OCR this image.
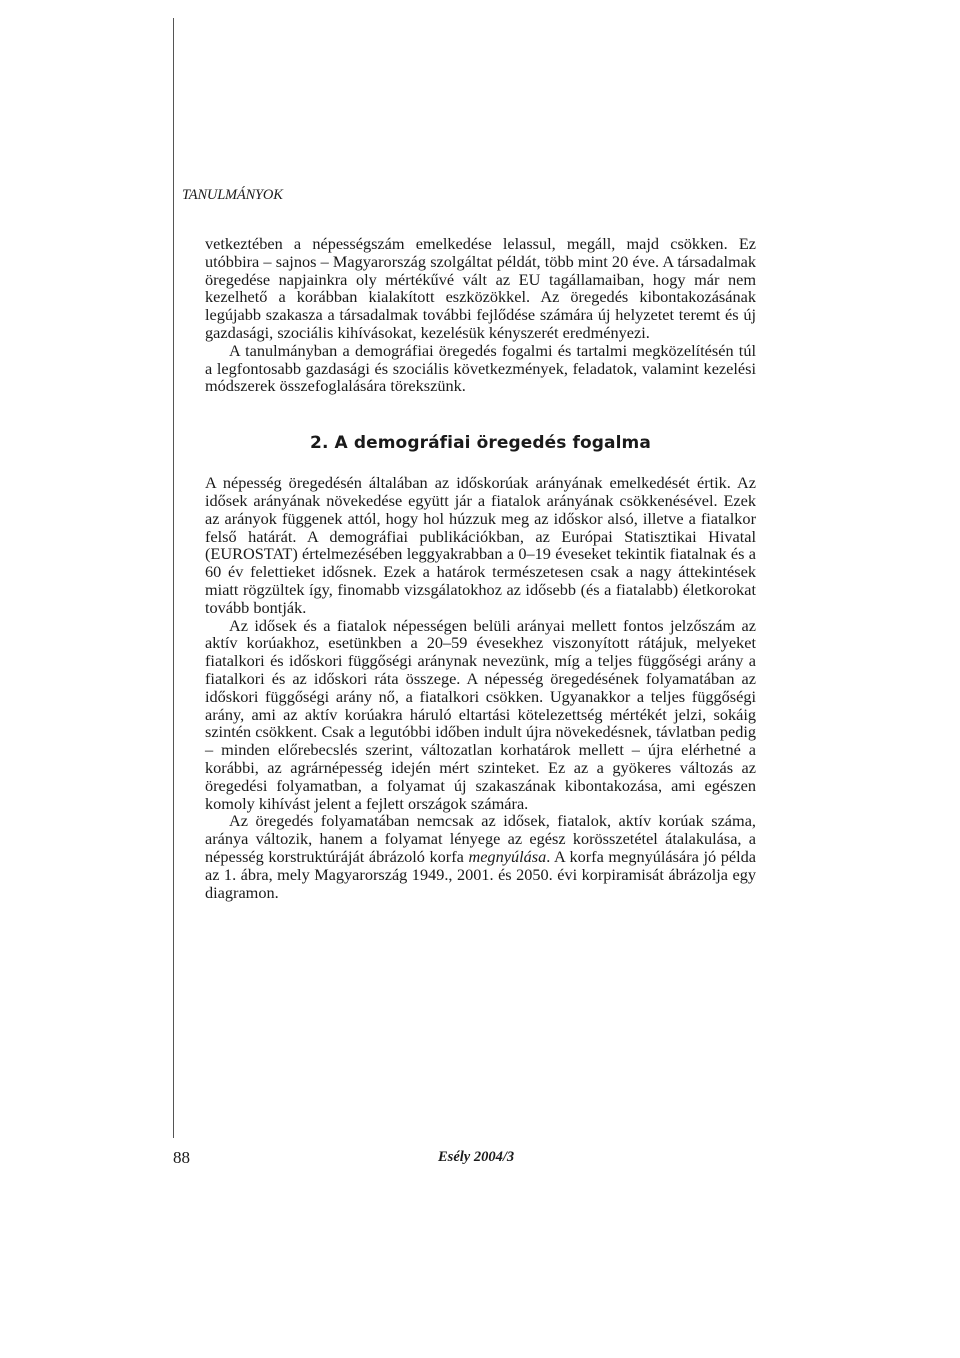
TANULMÁNYOK

vetkeztében a népességszám emelkedése lelassul, megáll, majd csökken. Ez utóbbira – sajnos – Magyarország szolgáltat példát, több mint 20 éve. A társadalmak öregedése napjainkra oly mértékűvé vált az EU tagállamaiban, hogy már nem kezelhető a korábban kialakított eszközökkel. Az öregedés kibontakozásának legújabb szakasza a társadalmak további fejlődése számára új helyzetet teremt és új gazdasági, szociális kihívásokat, kezelésük kényszerét eredményezi.

A tanulmányban a demográfiai öregedés fogalmi és tartalmi megközelítésén túl a legfontosabb gazdasági és szociális következmények, feladatok, valamint kezelési módszerek összefoglalására törekszünk.

2. A demográfiai öregedés fogalma

A népesség öregedésén általában az időskorúak arányának emelkedését értik. Az idősek arányának növekedése együtt jár a fiatalok arányának csökkenésével. Ezek az arányok függenek attól, hogy hol húzzuk meg az időskor alsó, illetve a fiatalkor felső határát. A demográfiai publikációkban, az Európai Statisztikai Hivatal (EUROSTAT) értelmezésében leggyakrabban a 0–19 éveseket tekintik fiatalnak és a 60 év felettieket idősnek. Ezek a határok természetesen csak a nagy áttekintések miatt rögzültek így, finomabb vizsgálatokhoz az idősebb (és a fiatalabb) életkorokat tovább bontják.

Az idősek és a fiatalok népességen belüli arányai mellett fontos jelzőszám az aktív korúakhoz, esetünkben a 20–59 évesekhez viszonyított rátájuk, melyeket fiatalkori és időskori függőségi aránynak nevezünk, míg a teljes függőségi arány a fiatalkori és az időskori ráta összege. A népesség öregedésének folyamatában az időskori függőségi arány nő, a fiatalkori csökken. Ugyanakkor a teljes függőségi arány, ami az aktív korúakra háruló eltartási kötelezettség mértékét jelzi, sokáig szintén csökkent. Csak a legutóbbi időben indult újra növekedésnek, távlatban pedig – minden előrebecslés szerint, változatlan korhatárok mellett – újra elérhetné a korábbi, az agrárnépesség idején mért szinteket. Ez az a gyökeres változás az öregedési folyamatban, a folyamat új szakaszának kibontakozása, ami egészen komoly kihívást jelent a fejlett országok számára.

Az öregedés folyamatában nemcsak az idősek, fiatalok, aktív korúak száma, aránya változik, hanem a folyamat lényege az egész korösszetétel átalakulása, a népesség korstruktúráját ábrázoló korfa megnyúlása. A korfa megnyúlására jó példa az 1. ábra, mely Magyarország 1949., 2001. és 2050. évi korpiramisát ábrázolja egy diagramon.

88	Esély 2004/3
